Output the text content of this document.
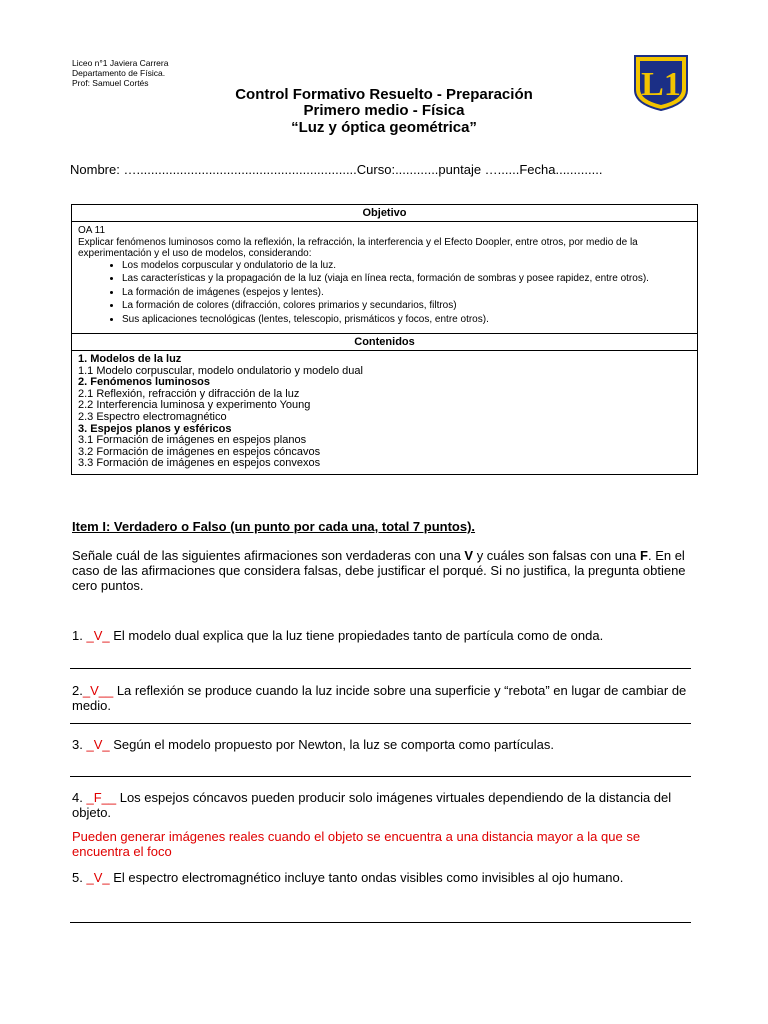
Liceo n°1 Javiera Carrera
Departamento de Física.
Prof: Samuel Cortés	L1
Control Formativo Resuelto - Preparación
Primero medio - Física
“Luz y óptica geométrica”
Nombre: ….............................................................Curso:............puntaje …......Fecha.............
Objetivo

OA 11
Explicar fenómenos luminosos como la reflexión, la refracción, la interferencia y el Efecto Doopler, entre otros, por medio de la experimentación y el uso de modelos, considerando:
• Los modelos corpuscular y ondulatorio de la luz.
• Las características y la propagación de la luz (viaja en línea recta, formación de sombras y posee rapidez, entre otros).
• La formación de imágenes (espejos y lentes).
• La formación de colores (difracción, colores primarios y secundarios, filtros)
• Sus aplicaciones tecnológicas (lentes, telescopio, prismáticos y focos, entre otros).

Contenidos

1. Modelos de la luz
1.1 Modelo corpuscular, modelo ondulatorio y modelo dual
2. Fenómenos luminosos
2.1 Reflexión, refracción y difracción de la luz
2.2 Interferencia luminosa y experimento Young
2.3 Espectro electromagnético
3. Espejos planos y esféricos
3.1 Formación de imágenes en espejos planos
3.2 Formación de imágenes en espejos cóncavos
3.3 Formación de imágenes en espejos convexos
Item I: Verdadero o Falso (un punto por cada una, total 7 puntos).
Señale cuál de las siguientes afirmaciones son verdaderas con una V y cuáles son falsas con una F. En el caso de las afirmaciones que considera falsas, debe justificar el porqué. Si no justifica, la pregunta obtiene cero puntos.
1. _V_ El modelo dual explica que la luz tiene propiedades tanto de partícula como de onda.
2._V__ La reflexión se produce cuando la luz incide sobre una superficie y “rebota” en lugar de cambiar de medio.
3. _V_ Según el modelo propuesto por Newton, la luz se comporta como partículas.
4. _F__ Los espejos cóncavos pueden producir solo imágenes virtuales dependiendo de la distancia del objeto.
Pueden generar imágenes reales cuando el objeto se encuentra a una distancia mayor a la que se encuentra el foco
5. _V_ El espectro electromagnético incluye tanto ondas visibles como invisibles al ojo humano.
